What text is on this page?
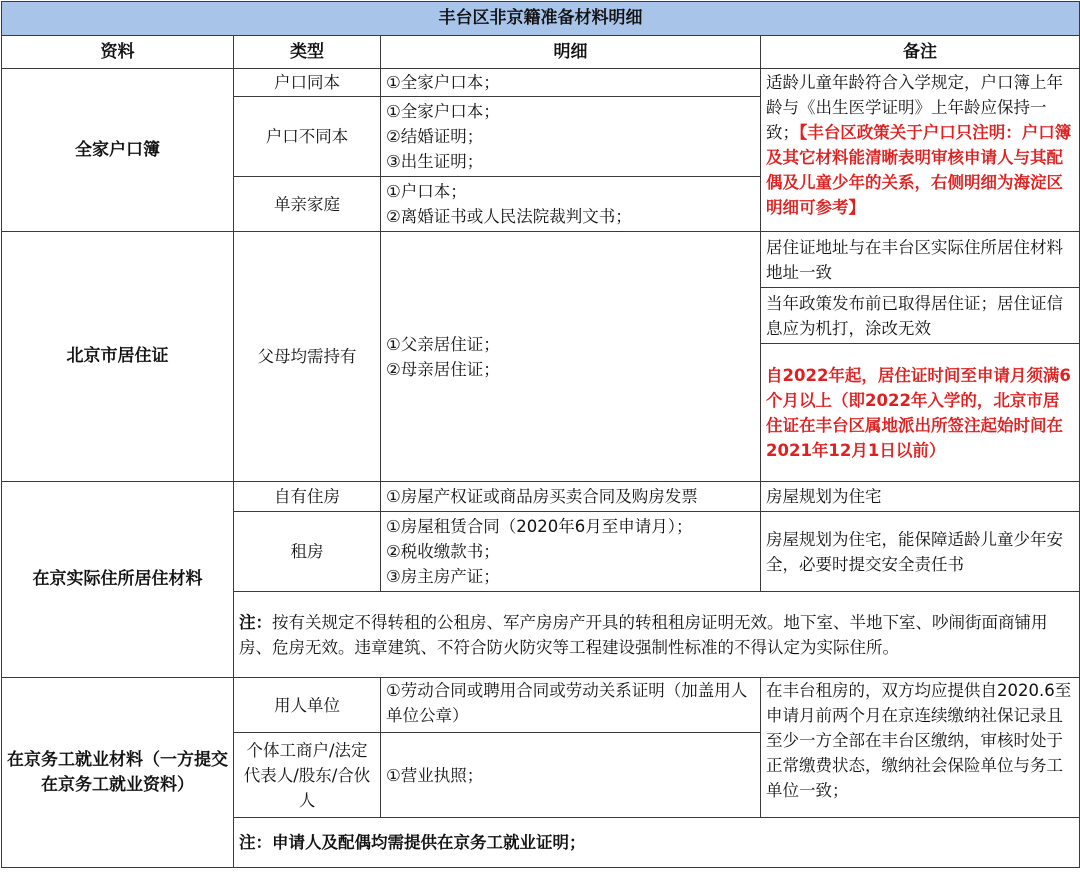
丰台区非京籍准备材料明细			
资料	类型	明细	备注
全家户口簿	户口同本	①全家户口本；	适龄儿童年龄符合入学规定，户口簿上年龄与《出生医学证明》上年龄应保持一致；【丰台区政策关于户口只注明：户口簿及其它材料能清晰表明审核申请人与其配偶及儿童少年的关系，右侧明细为海淀区明细可参考】
	户口不同本	①全家户口本；
②结婚证明；
③出生证明；	

	单亲家庭	①户口本；
②离婚证书或人民法院裁判文书；	

北京市居住证	父母均需持有	①父亲居住证；
②母亲居住证；	居住证地址与在丰台区实际住所居住材料地址一致
			当年政策发布前已取得居住证；居住证信息应为机打，涂改无效
			自2022年起，居住证时间至申请月须满6个月以上（即2022年入学的，北京市居住证在丰台区属地派出所签注起始时间在2021年12月1日以前）
在京实际住所居住材料	自有住房	①房屋产权证或商品房买卖合同及购房发票	房屋规划为住宅
	租房	①房屋租赁合同（2020年6月至申请月）；
②税收缴款书；
③房主房产证；	房屋规划为住宅，能保障适龄儿童少年安全，必要时提交安全责任书
	注：按有关规定不得转租的公租房、军产房房产开具的转租租房证明无效。地下室、半地下室、吵闹街面商铺用房、危房无效。违章建筑、不符合防火防灾等工程建设强制性标准的不得认定为实际住所。		
在京务工就业材料（一方提交在京务工就业资料）	用人单位	①劳动合同或聘用合同或劳动关系证明（加盖用人单位公章）	在丰台租房的，双方均应提供自2020.6至申请月前两个月在京连续缴纳社保记录且至少一方全部在丰台区缴纳，审核时处于正常缴费状态，缴纳社会保险单位与务工单位一致；
	个体工商户/法定代表人/股东/合伙人	①营业执照；	

	注：申请人及配偶均需提供在京务工就业证明；		
